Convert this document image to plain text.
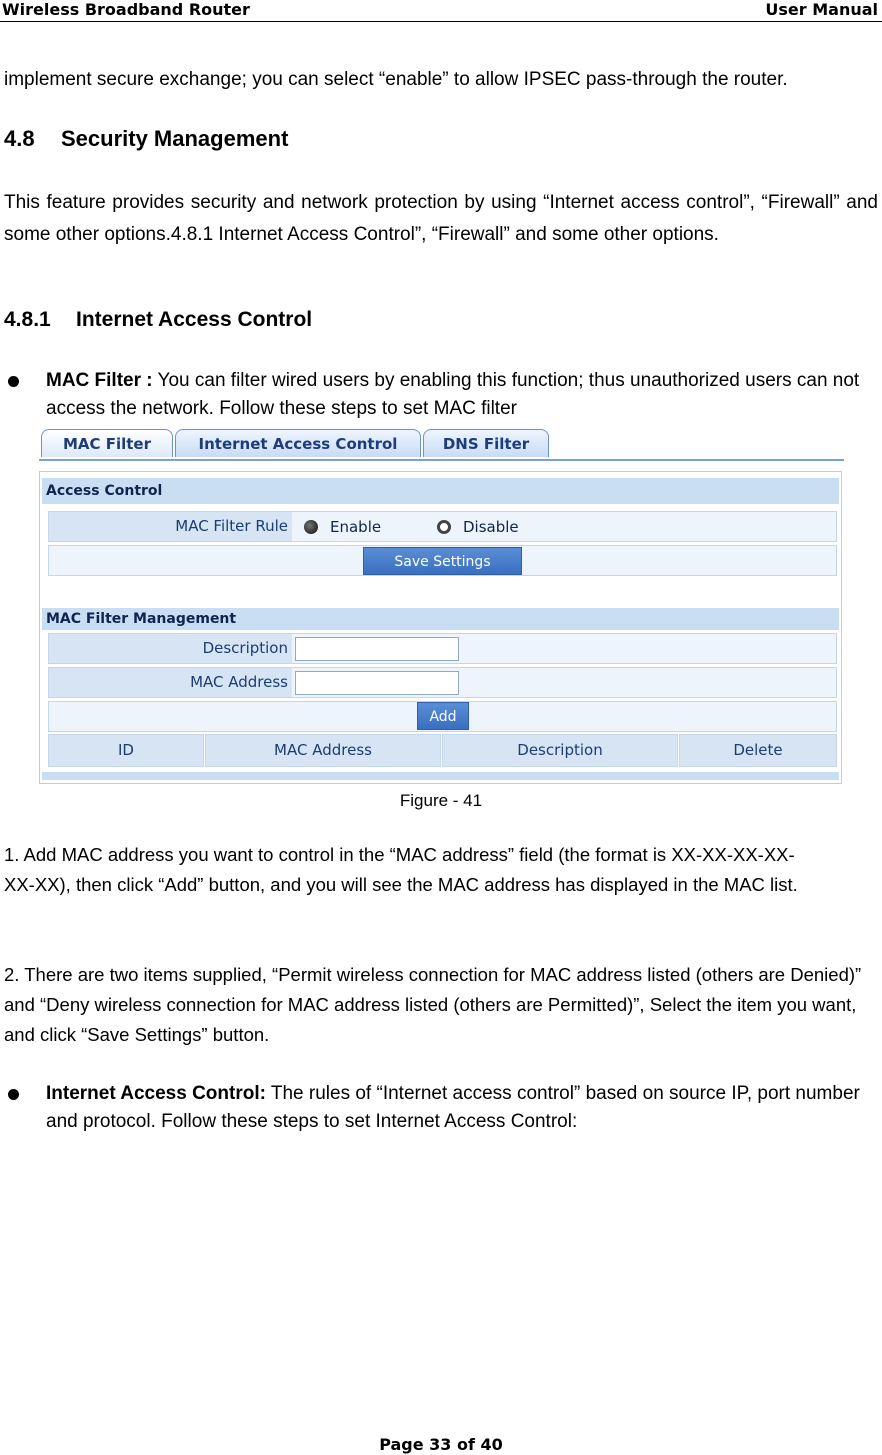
Wireless Broadband Router	User Manual
implement secure exchange; you can select “enable” to allow IPSEC pass-through the router.
4.8 Security Management
This feature provides security and network protection by using “Internet access control”, “Firewall” and some other options.4.8.1 Internet Access Control”, “Firewall” and some other options.
4.8.1 Internet Access Control
MAC Filter : You can filter wired users by enabling this function; thus unauthorized users can not access the network. Follow these steps to set MAC filter
MAC Filter	Internet Access Control	DNS Filter
Access Control
MAC Filter Rule	Enable	Disable
Save Settings
MAC Filter Management
Description
MAC Address
Add
ID	MAC Address	Description	Delete
Figure - 41
1. Add MAC address you want to control in the “MAC address” field (the format is XX-XX-XX-XX-XX-XX), then click “Add” button, and you will see the MAC address has displayed in the MAC list.
2. There are two items supplied, “Permit wireless connection for MAC address listed (others are Denied)” and “Deny wireless connection for MAC address listed (others are Permitted)”, Select the item you want, and click “Save Settings” button.
Internet Access Control: The rules of “Internet access control” based on source IP, port number and protocol. Follow these steps to set Internet Access Control:
Page 33 of 40
